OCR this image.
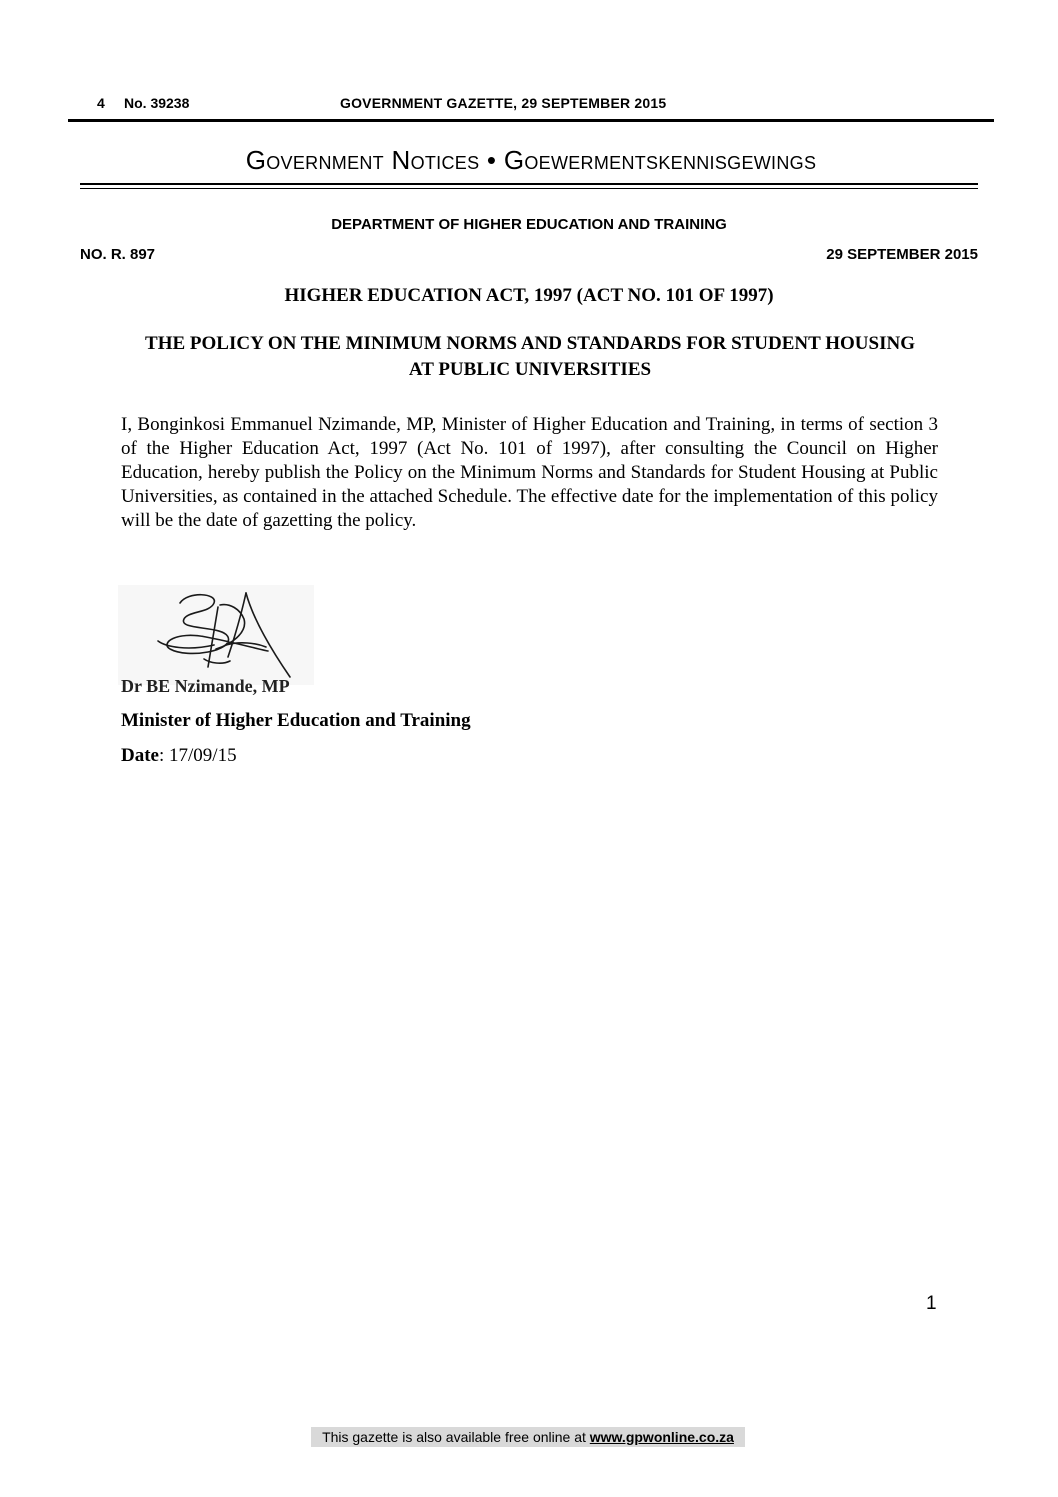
4 No. 39238	GOVERNMENT GAZETTE, 29 SEPTEMBER 2015
Government Notices • Goewermentskennisgewings
DEPARTMENT OF HIGHER EDUCATION AND TRAINING
NO. R. 897	29 SEPTEMBER 2015
HIGHER EDUCATION ACT, 1997 (ACT NO. 101 OF 1997)
THE POLICY ON THE MINIMUM NORMS AND STANDARDS FOR STUDENT HOUSING AT PUBLIC UNIVERSITIES
I, Bonginkosi Emmanuel Nzimande, MP, Minister of Higher Education and Training, in terms of section 3 of the Higher Education Act, 1997 (Act No. 101 of 1997), after consulting the Council on Higher Education, hereby publish the Policy on the Minimum Norms and Standards for Student Housing at Public Universities, as contained in the attached Schedule. The effective date for the implementation of this policy will be the date of gazetting the policy.
Dr BE Nzimande, MP
Minister of Higher Education and Training
Date: 17/09/15
1
This gazette is also available free online at www.gpwonline.co.za
